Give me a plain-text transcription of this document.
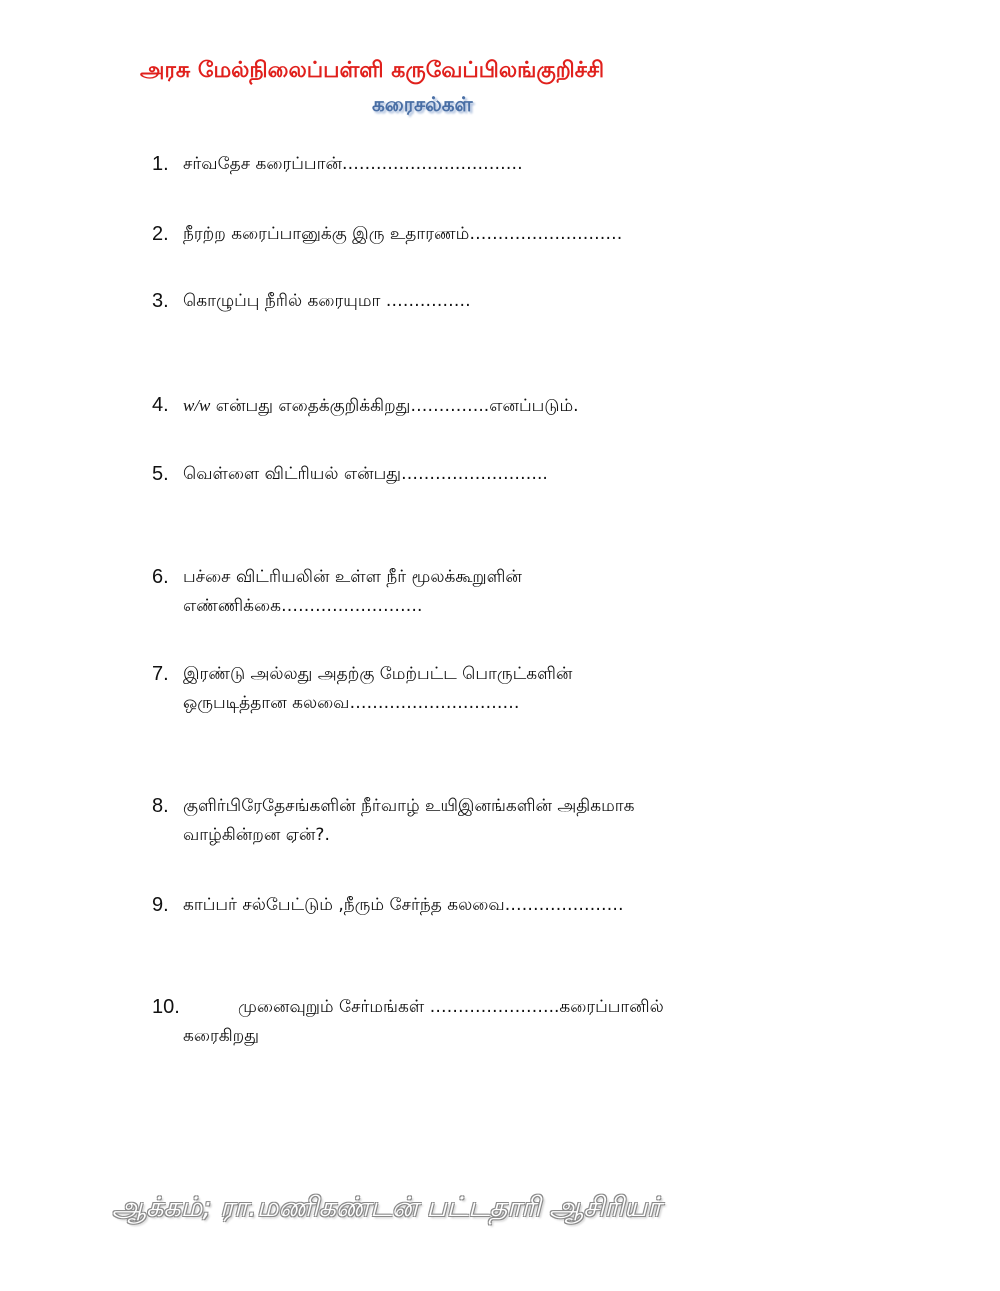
அரசு மேல்நிலைப்பள்ளி கருவேப்பிலங்குறிச்சி
கரைசல்கள்
1. சர்வதேச கரைப்பான்………………..…………
2. நீரற்ற கரைப்பானுக்கு இரு உதாரணம்………………………
3. கொழுப்பு நீரில் கரையுமா ……………
4. w/w என்பது எதைக்குறிக்கிறது…………..எனப்படும்.
5. வெள்ளை விட்ரியல் என்பது……………………..
6. பச்சை விட்ரியலின் உள்ள நீர் மூலக்கூறுளின்
எண்ணிக்கை…………………….
7. இரண்டு அல்லது அதற்கு மேற்பட்ட பொருட்களின்
ஒருபடித்தான கலவை…………………………
8. குளிர்பிரேதேசங்களின் நீர்வாழ் உயிஇனங்களின் அதிகமாக
வாழ்கின்றன ஏன்?.
9. காப்பர் சல்பேட்டும் ,நீரும் சேர்ந்த கலவை…………………
10.	முனைவுறும் சேர்மங்கள் …………………..கரைப்பானில்
கரைகிறது
ஆக்கம்; ரா.மணிகண்டன் பட்டதாரி ஆசிரியர்
